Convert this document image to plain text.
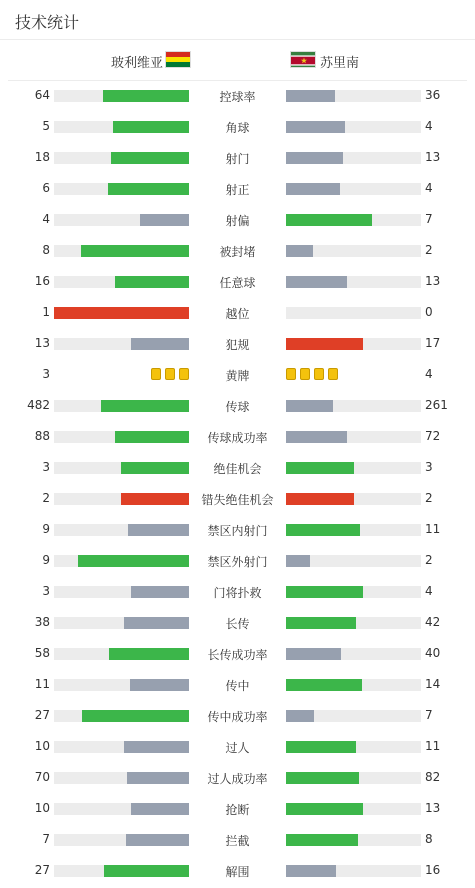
技术统计
玻利维亚	苏里南
64	控球率	36
5	角球	4
18	射门	13
6	射正	4
4	射偏	7
8	被封堵	2
16	任意球	13
1	越位	0
13	犯规	17
3	黄牌	4
482	传球	261
88	传球成功率	72
3	绝佳机会	3
2	错失绝佳机会	2
9	禁区内射门	11
9	禁区外射门	2
3	门将扑救	4
38	长传	42
58	长传成功率	40
11	传中	14
27	传中成功率	7
10	过人	11
70	过人成功率	82
10	抢断	13
7	拦截	8
27	解围	16
